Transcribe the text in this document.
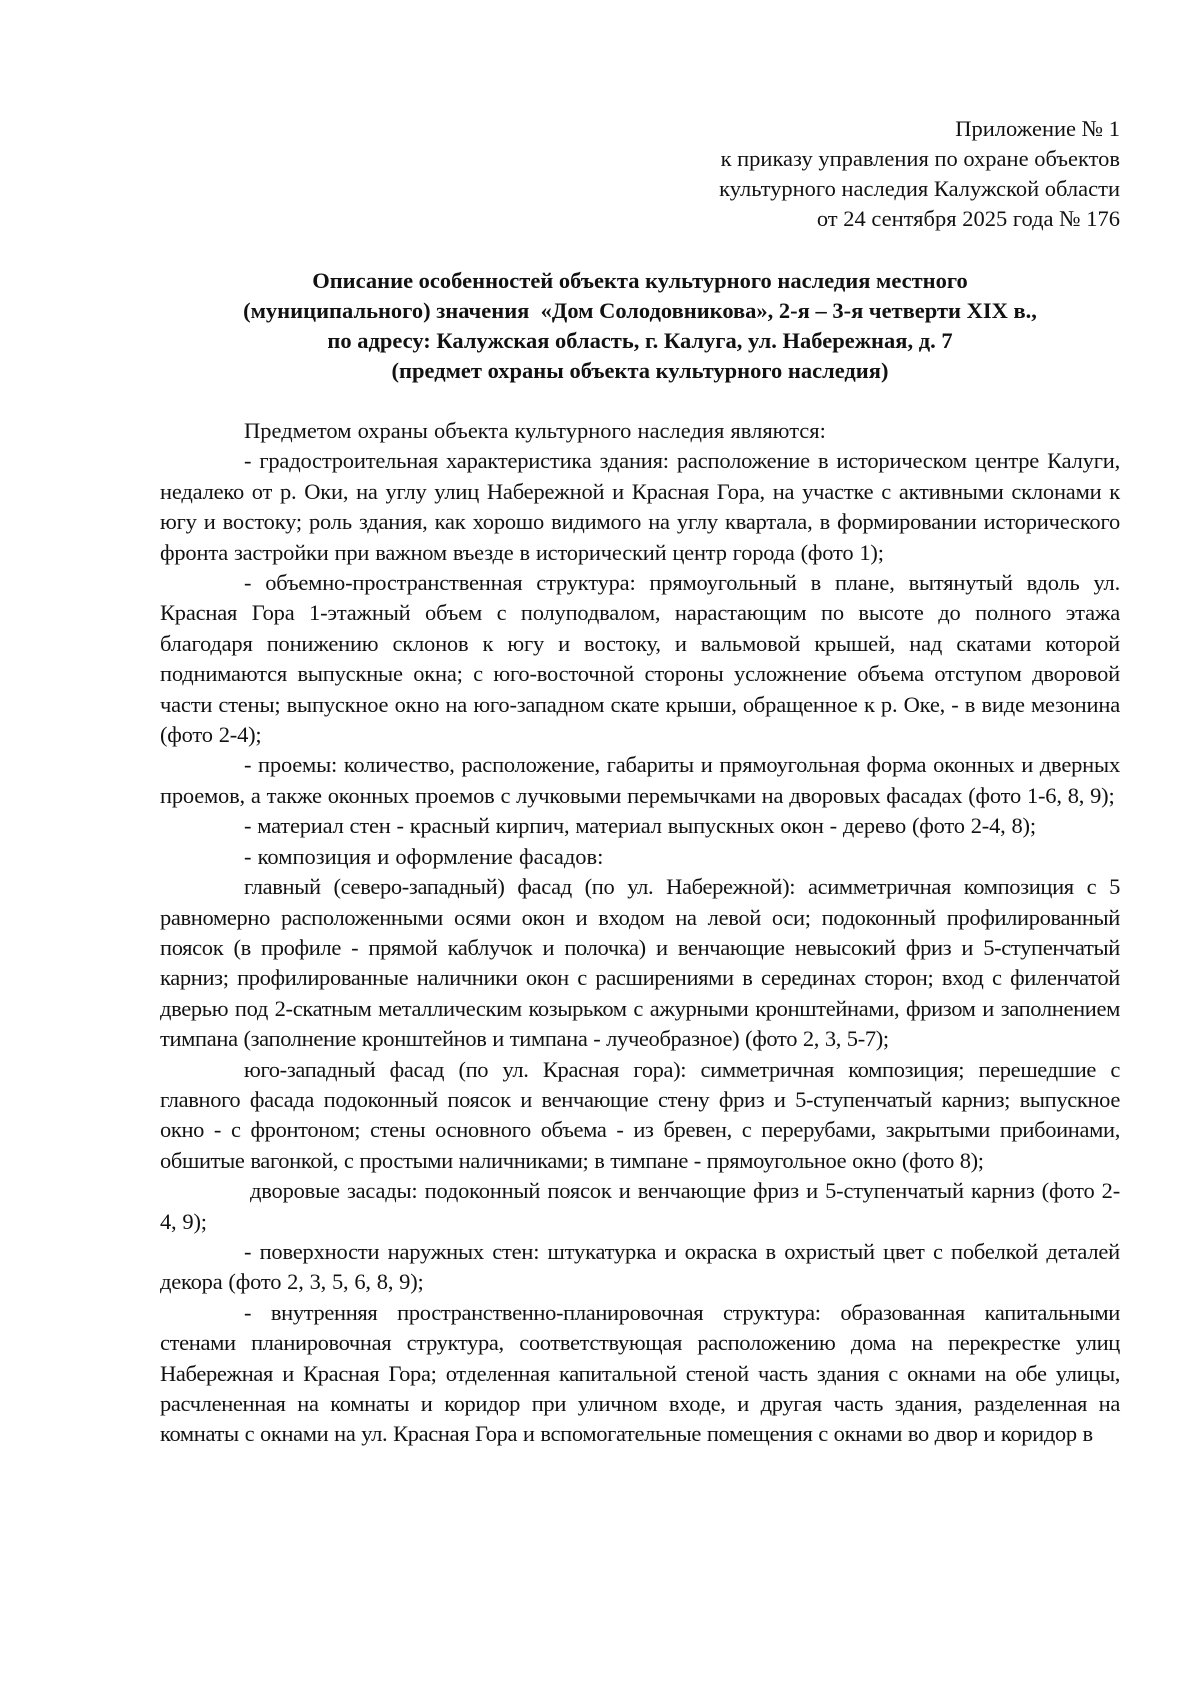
Приложение № 1
к приказу управления по охране объектов
культурного наследия Калужской области
от 24 сентября 2025 года № 176
Описание особенностей объекта культурного наследия местного
(муниципального) значения  «Дом Солодовникова», 2-я – 3-я четверти XIX в.,
по адресу: Калужская область, г. Калуга, ул. Набережная, д. 7
(предмет охраны объекта культурного наследия)

Предметом охраны объекта культурного наследия являются:

- градостроительная характеристика здания: расположение в историческом центре Калуги, недалеко от р. Оки, на углу улиц Набережной и Красная Гора, на участке с активными склонами к югу и востоку; роль здания, как хорошо видимого на углу квартала, в формировании исторического фронта застройки при важном въезде в исторический центр города (фото 1);

- объемно-пространственная структура: прямоугольный в плане, вытянутый вдоль ул. Красная Гора 1-этажный объем с полуподвалом, нарастающим по высоте до полного этажа благодаря понижению склонов к югу и востоку, и вальмовой крышей, над скатами которой поднимаются выпускные окна; с юго-восточной стороны усложнение объема отступом дворовой части стены; выпускное окно на юго-западном скате крыши, обращенное к р. Оке, - в виде мезонина (фото 2-4);

- проемы: количество, расположение, габариты и прямоугольная форма оконных и дверных проемов, а также оконных проемов с лучковыми перемычками на дворовых фасадах (фото 1-6, 8, 9);

- материал стен - красный кирпич, материал выпускных окон - дерево (фото 2-4, 8);

- композиция и оформление фасадов:

главный (северо-западный) фасад (по ул. Набережной): асимметричная композиция с 5 равномерно расположенными осями окон и входом на левой оси; подоконный профилированный поясок (в профиле - прямой каблучок и полочка) и венчающие невысокий фриз и 5-ступенчатый карниз; профилированные наличники окон с расширениями в серединах сторон; вход с филенчатой дверью под 2-скатным металлическим козырьком с ажурными кронштейнами, фризом и заполнением тимпана (заполнение кронштейнов и тимпана - лучеобразное) (фото 2, 3, 5-7);

юго-западный фасад (по ул. Красная гора): симметричная композиция; перешедшие с главного фасада подоконный поясок и венчающие стену фриз и 5-ступенчатый карниз; выпускное окно - с фронтоном; стены основного объема - из бревен, с перерубами, закрытыми прибоинами, обшитые вагонкой, с простыми наличниками; в тимпане - прямоугольное окно (фото 8);

дворовые засады: подоконный поясок и венчающие фриз и 5-ступенчатый карниз (фото 2-4, 9);

- поверхности наружных стен: штукатурка и окраска в охристый цвет с побелкой деталей декора (фото 2, 3, 5, 6, 8, 9);

- внутренняя пространственно-планировочная структура: образованная капитальными стенами планировочная структура, соответствующая расположению дома на перекрестке улиц Набережная и Красная Гора; отделенная капитальной стеной часть здания с окнами на обе улицы, расчлененная на комнаты и коридор при уличном входе, и другая часть здания, разделенная на комнаты с окнами на ул. Красная Гора и вспомогательные помещения с окнами во двор и коридор в
